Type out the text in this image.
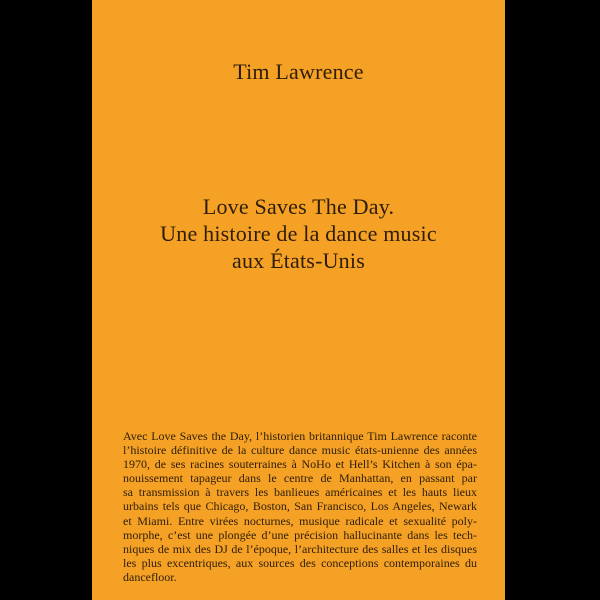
Tim Lawrence
Love Saves The Day.
Une histoire de la dance music
aux États-Unis
Avec Love Saves the Day, l’historien britannique Tim Lawrence raconte
l’histoire définitive de la culture dance music états-unienne des années
1970, de ses racines souterraines à NoHo et Hell’s Kitchen à son épa-
nouissement tapageur dans le centre de Manhattan, en passant par
sa transmission à travers les banlieues américaines et les hauts lieux
urbains tels que Chicago, Boston, San Francisco, Los Angeles, Newark
et Miami. Entre virées nocturnes, musique radicale et sexualité poly-
morphe, c’est une plongée d’une précision hallucinante dans les tech-
niques de mix des DJ de l’époque, l’architecture des salles et les disques
les plus excentriques, aux sources des conceptions contemporaines du
dancefloor.
